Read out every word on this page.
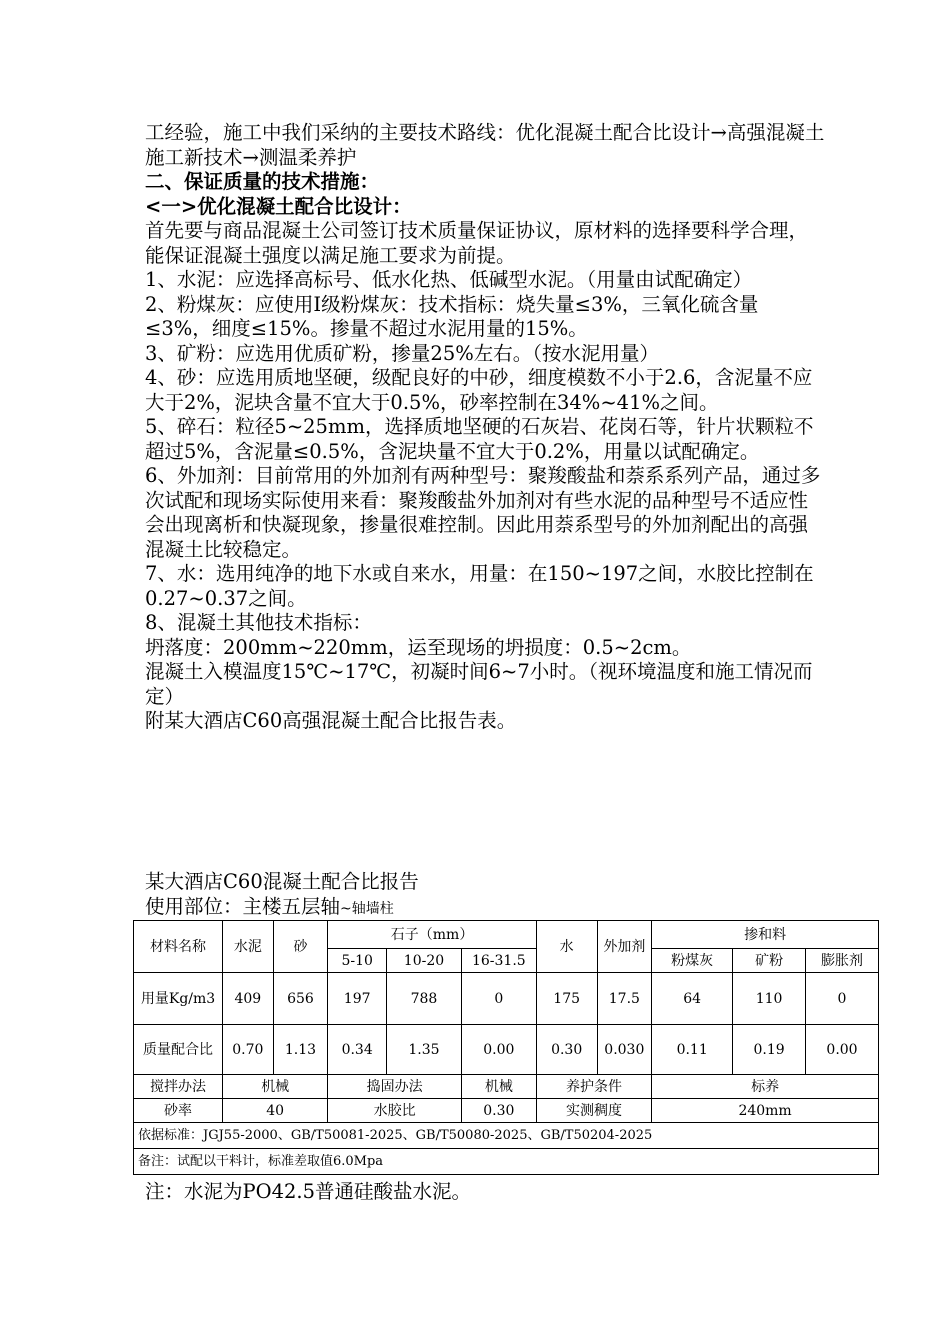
工经验，施工中我们采纳的主要技术路线：优化混凝土配合比设计→高强混凝土施工新技术→测温柔养护

二、保证质量的技术措施：

<一>优化混凝土配合比设计：

首先要与商品混凝土公司签订技术质量保证协议，原材料的选择要科学合理，能保证混凝土强度以满足施工要求为前提。

1、水泥：应选择高标号、低水化热、低碱型水泥。（用量由试配确定）

2、粉煤灰：应使用Ⅰ级粉煤灰：技术指标：烧失量≤3%，三氧化硫含量≤3%，细度≤15%。掺量不超过水泥用量的15%。

3、矿粉：应选用优质矿粉，掺量25%左右。（按水泥用量）

4、砂：应选用质地坚硬，级配良好的中砂，细度模数不小于2.6，含泥量不应大于2%，泥块含量不宜大于0.5%，砂率控制在34%~41%之间。

5、碎石：粒径5~25mm，选择质地坚硬的石灰岩、花岗石等，针片状颗粒不超过5%，含泥量≤0.5%，含泥块量不宜大于0.2%，用量以试配确定。

6、外加剂：目前常用的外加剂有两种型号：聚羧酸盐和萘系系列产品，通过多次试配和现场实际使用来看：聚羧酸盐外加剂对有些水泥的品种型号不适应性会出现离析和快凝现象，掺量很难控制。因此用萘系型号的外加剂配出的高强混凝土比较稳定。

7、水：选用纯净的地下水或自来水，用量：在150~197之间，水胶比控制在0.27~0.37之间。

8、混凝土其他技术指标：

坍落度：200mm~220mm，运至现场的坍损度：0.5~2cm。

混凝土入模温度15℃~17℃，初凝时间6~7小时。（视环境温度和施工情况而定）

附某大酒店C60高强混凝土配合比报告表。

某大酒店C60混凝土配合比报告
使用部位：主楼五层轴~轴墙柱
材料名称	水泥	砂	石子（mm）			水	外加剂	掺和料		
			5-10	10-20	16-31.5			粉煤灰	矿粉	膨胀剂
用量Kg/m3	409	656	197	788	0	175	17.5	64	110	0
质量配合比	0.70	1.13	0.34	1.35	0.00	0.30	0.030	0.11	0.19	0.00
搅拌办法	机械		捣固办法		机械	养护条件		标养		
砂率	40		水胶比		0.30	实测稠度		240mm		
依据标准：JGJ55-2000、GB/T50081-2025、GB/T50080-2025、GB/T50204-2025										
备注：试配以干料计，标准差取值6.0Mpa										
注：水泥为PO42.5普通硅酸盐水泥。
